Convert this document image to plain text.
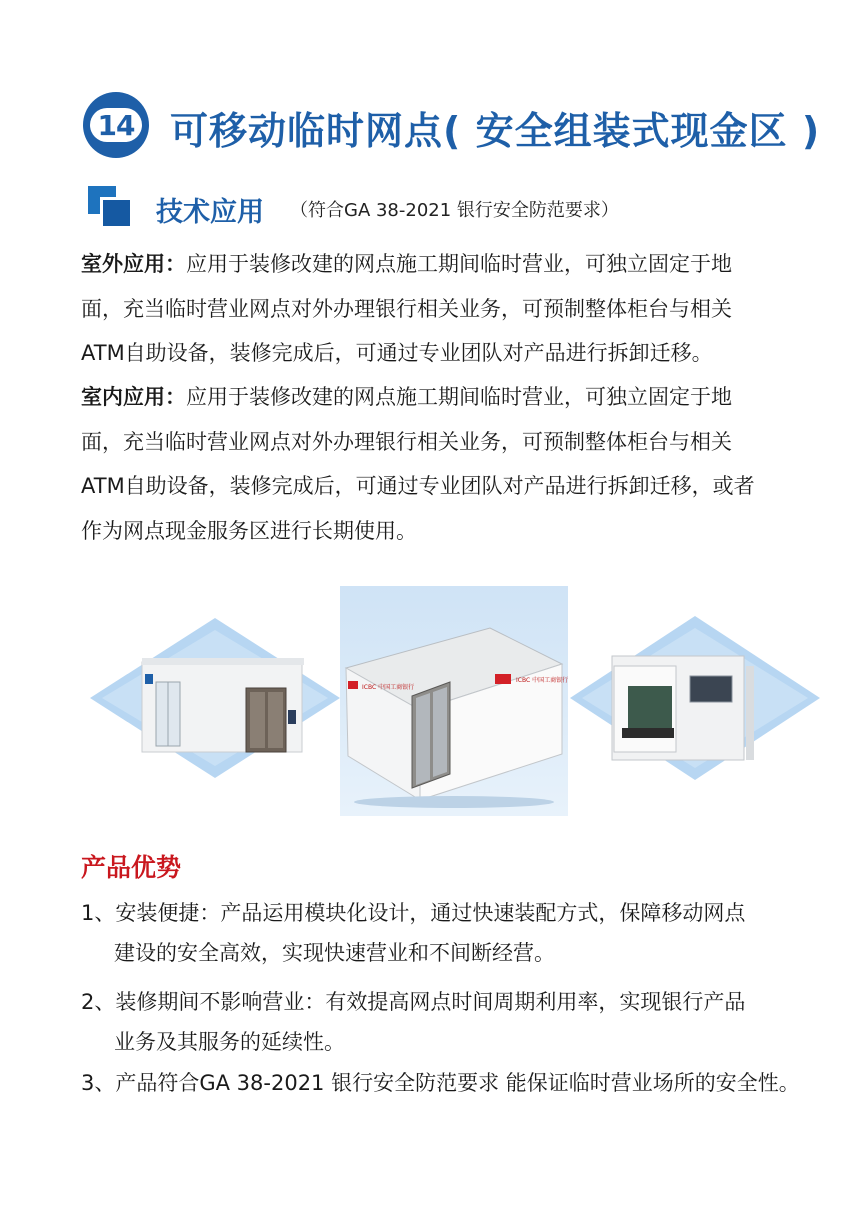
14 可移动临时网点( 安全组装式现金区 )
技术应用 （符合GA 38-2021 银行安全防范要求）
室外应用：应用于装修改建的网点施工期间临时营业，可独立固定于地
面，充当临时营业网点对外办理银行相关业务，可预制整体柜台与相关
ATM自助设备，装修完成后，可通过专业团队对产品进行拆卸迁移。
室内应用：应用于装修改建的网点施工期间临时营业，可独立固定于地
面，充当临时营业网点对外办理银行相关业务，可预制整体柜台与相关
ATM自助设备，装修完成后，可通过专业团队对产品进行拆卸迁移，或者
作为网点现金服务区进行长期使用。
ICBC 中国工商银行
ICBC 中国工商银行
产品优势
1、安装便捷：产品运用模块化设计，通过快速装配方式，保障移动网点
建设的安全高效，实现快速营业和不间断经营。
2、装修期间不影响营业：有效提高网点时间周期利用率，实现银行产品
业务及其服务的延续性。
3、产品符合GA 38-2021 银行安全防范要求 能保证临时营业场所的安全性。
